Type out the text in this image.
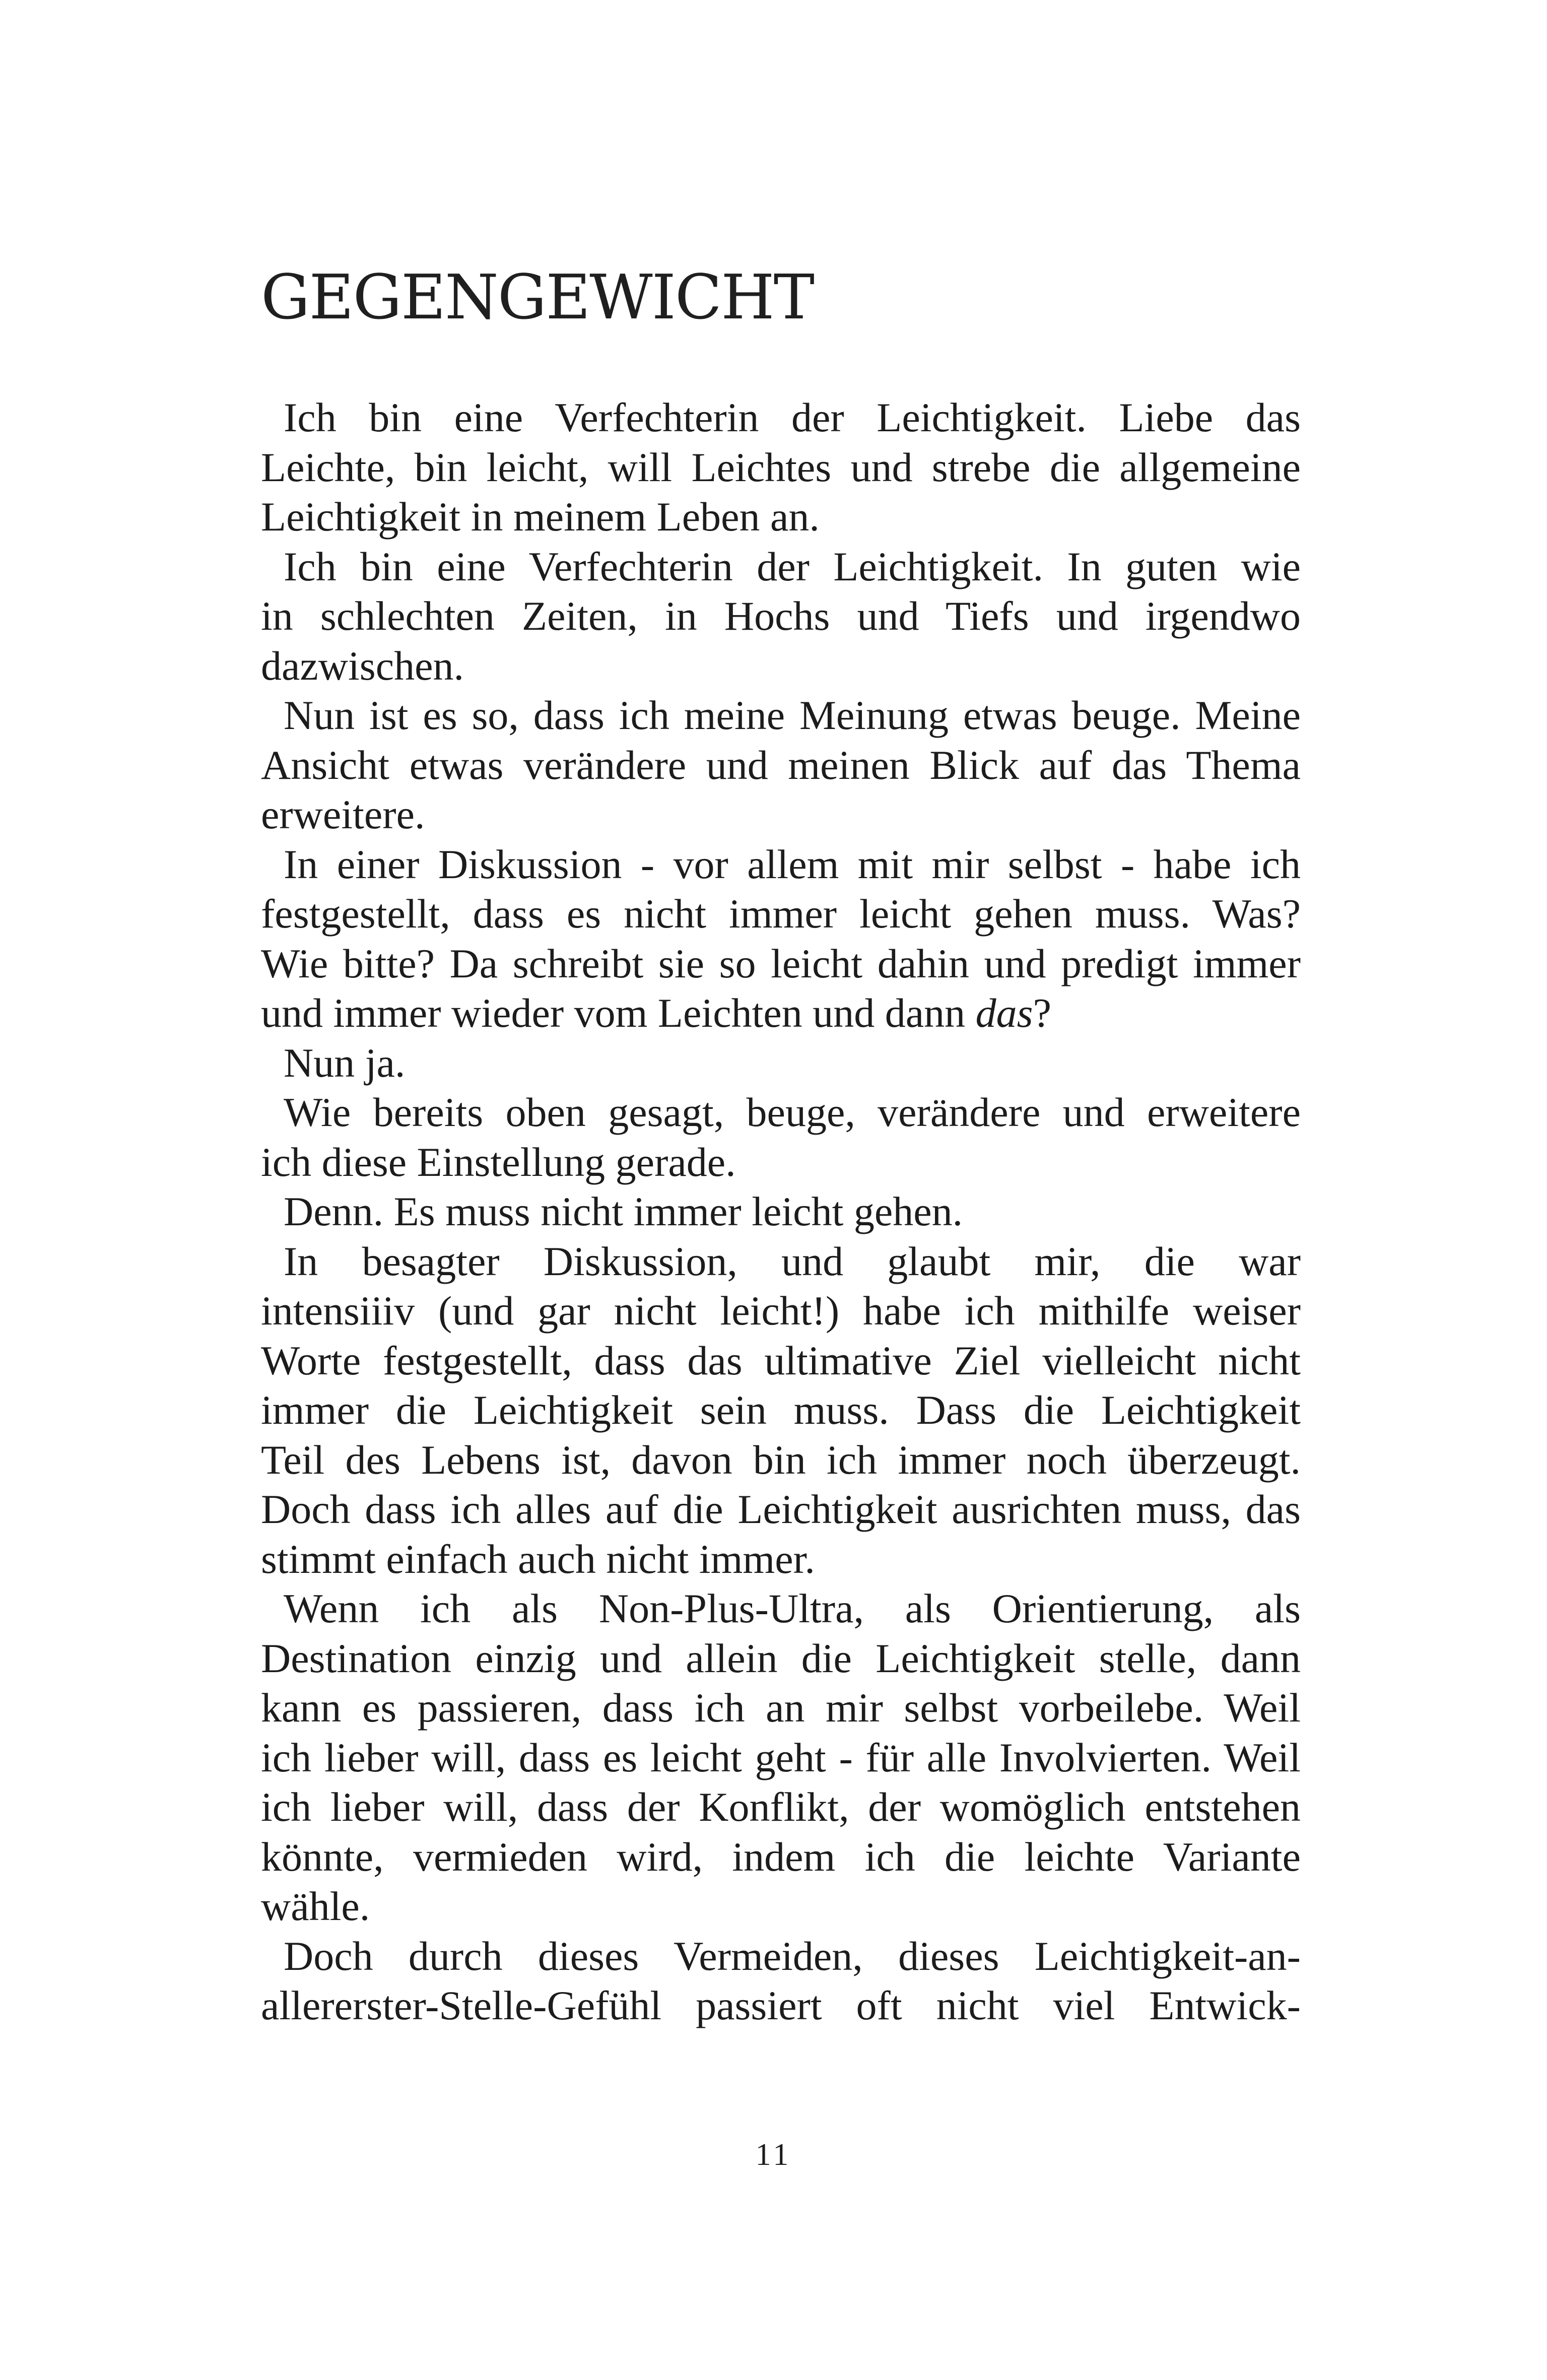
GEGENGEWICHT

Ich bin eine Verfechterin der Leichtigkeit. Liebe das
Leichte, bin leicht, will Leichtes und strebe die allgemeine
Leichtigkeit in meinem Leben an.

Ich bin eine Verfechterin der Leichtigkeit. In guten wie
in schlechten Zeiten, in Hochs und Tiefs und irgendwo
dazwischen.

Nun ist es so, dass ich meine Meinung etwas beuge. Meine
Ansicht etwas verändere und meinen Blick auf das Thema
erweitere.

In einer Diskussion - vor allem mit mir selbst - habe ich
festgestellt, dass es nicht immer leicht gehen muss. Was?
Wie bitte? Da schreibt sie so leicht dahin und predigt immer
und immer wieder vom Leichten und dann das?

Nun ja.

Wie bereits oben gesagt, beuge, verändere und erweitere
ich diese Einstellung gerade.

Denn. Es muss nicht immer leicht gehen.

In besagter Diskussion, und glaubt mir, die war
intensiiiv (und gar nicht leicht!) habe ich mithilfe weiser
Worte festgestellt, dass das ultimative Ziel vielleicht nicht
immer die Leichtigkeit sein muss. Dass die Leichtigkeit
Teil des Lebens ist, davon bin ich immer noch überzeugt.
Doch dass ich alles auf die Leichtigkeit ausrichten muss, das
stimmt einfach auch nicht immer.

Wenn ich als Non-Plus-Ultra, als Orientierung, als
Destination einzig und allein die Leichtigkeit stelle, dann
kann es passieren, dass ich an mir selbst vorbeilebe. Weil
ich lieber will, dass es leicht geht - für alle Involvierten. Weil
ich lieber will, dass der Konflikt, der womöglich entstehen
könnte, vermieden wird, indem ich die leichte Variante
wähle.

Doch durch dieses Vermeiden, dieses Leichtigkeit-an-
allererster-Stelle-Gefühl passiert oft nicht viel Entwick-

11
